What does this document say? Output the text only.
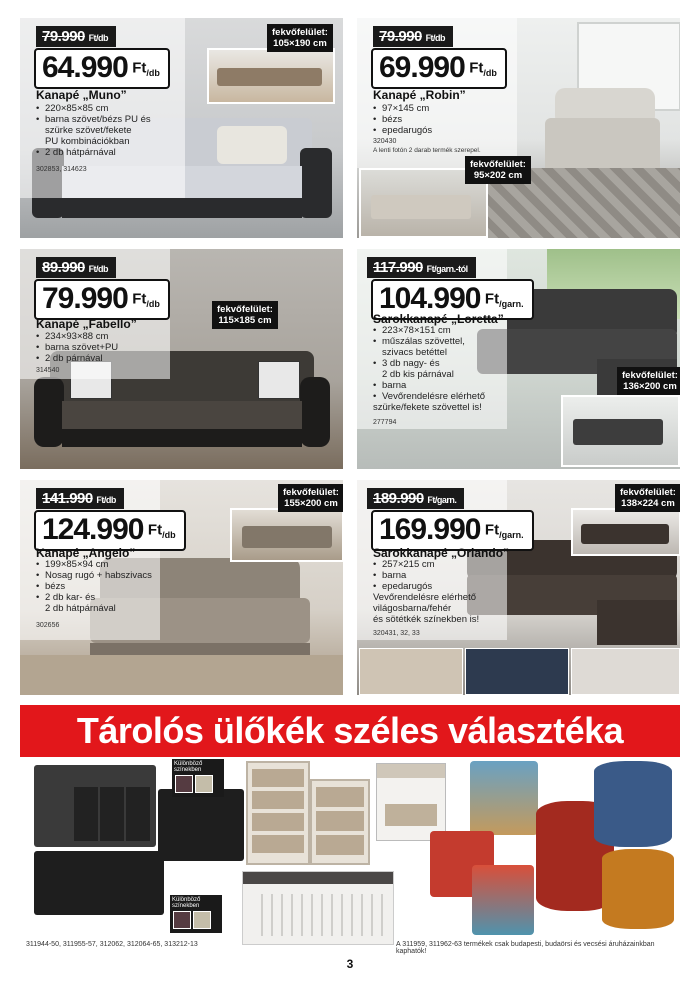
79.990 Ft/db
64.990 $Ft_{/db}$
Kanapé „Muno”
• 220×85×85 cm
• barna szövet/bézs PU és
szürke szövet/fekete
PU kombinációkban
• 2 db hátpárnával
302853, 314623
fekvőfelület:
105×190 cm	79.990 Ft/db
69.990 $Ft_{/db}$
Kanapé „Robin”
• 97×145 cm
• bézs
• epedarugós
320430
A lenti fotón 2 darab termék szerepel.
fekvőfelület:
95×202 cm
89.990 Ft/db
79.990 $Ft_{/db}$
Kanapé „Fabello”
• 234×93×88 cm
• barna szövet+PU
• 2 db párnával
314540
fekvőfelület:
115×185 cm
117.990 Ft/garn.-tól
104.990 $Ft_{/garn.}$
Sarokkanapé „Loretta”
• 223×78×151 cm
• műszálas szövettel,
szivacs betéttel
• 3 db nagy- és
2 db kis párnával
• barna
• Vevőrendelésre elérhető
szürke/fekete szövettel is!
277794
fekvőfelület:
136×200 cm
141.990 Ft/db
124.990 $Ft_{/db}$
Kanapé „Angelo”
• 199×85×94 cm
• Nosag rugó + habszivacs
• bézs
• 2 db kar- és
2 db hátpárnával
302656
fekvőfelület:
155×200 cm	189.990 Ft/garn.
169.990 $Ft_{/garn.}$
Sarokkanapé „Orlando”
• 257×215 cm
• barna
• epedarugós
Vevőrendelésre elérhető
világosbarna/fehér
és sötétkék színekben is!
320431, 32, 33
fekvőfelület:
138×224 cm
Tárolós ülőkék széles választéka
Különböző színekben
Különböző színekben
311944-50, 311955-57, 312062, 312064-65, 313212-13	A 311959, 311962-63 termékek csak budapesti, budaörsi és vecsési áruházainkban kaphatók!
3
